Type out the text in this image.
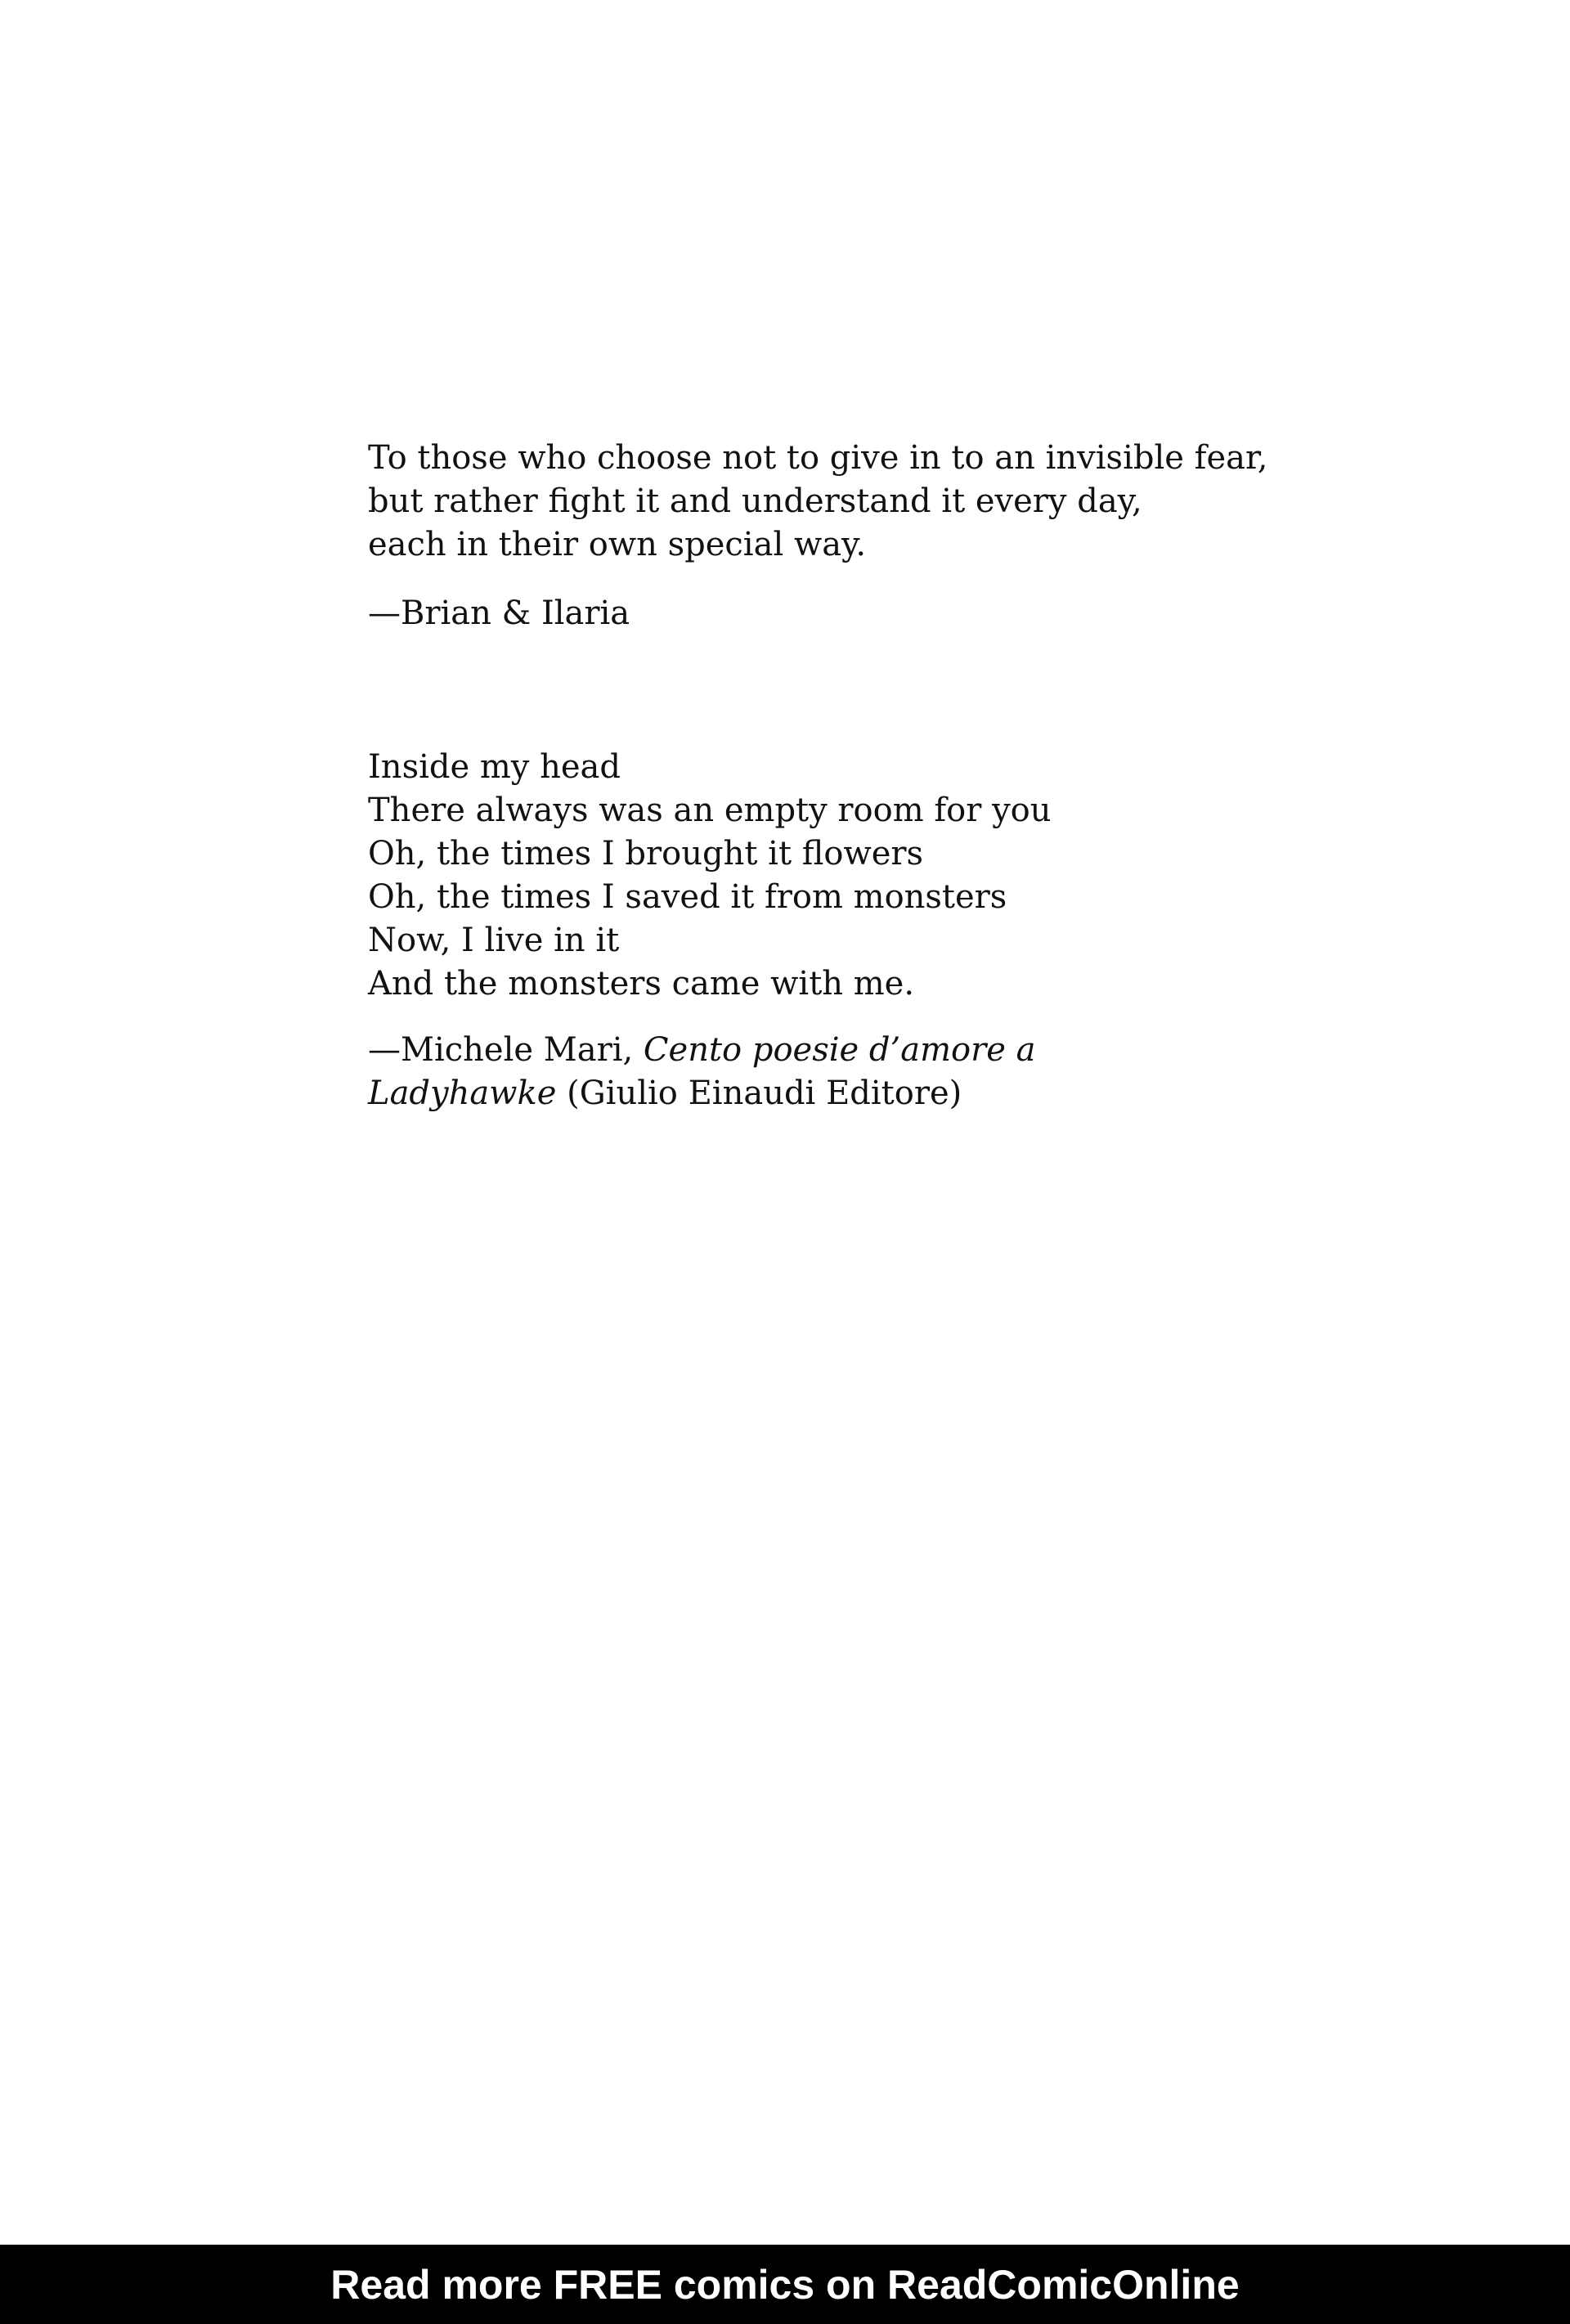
To those who choose not to give in to an invisible fear,
but rather fight it and understand it every day,
each in their own special way.
—Brian & Ilaria
Inside my head
There always was an empty room for you
Oh, the times I brought it flowers
Oh, the times I saved it from monsters
Now, I live in it
And the monsters came with me.
—Michele Mari, Cento poesie d’amore a
Ladyhawke (Giulio Einaudi Editore)
Read more FREE comics on ReadComicOnline
